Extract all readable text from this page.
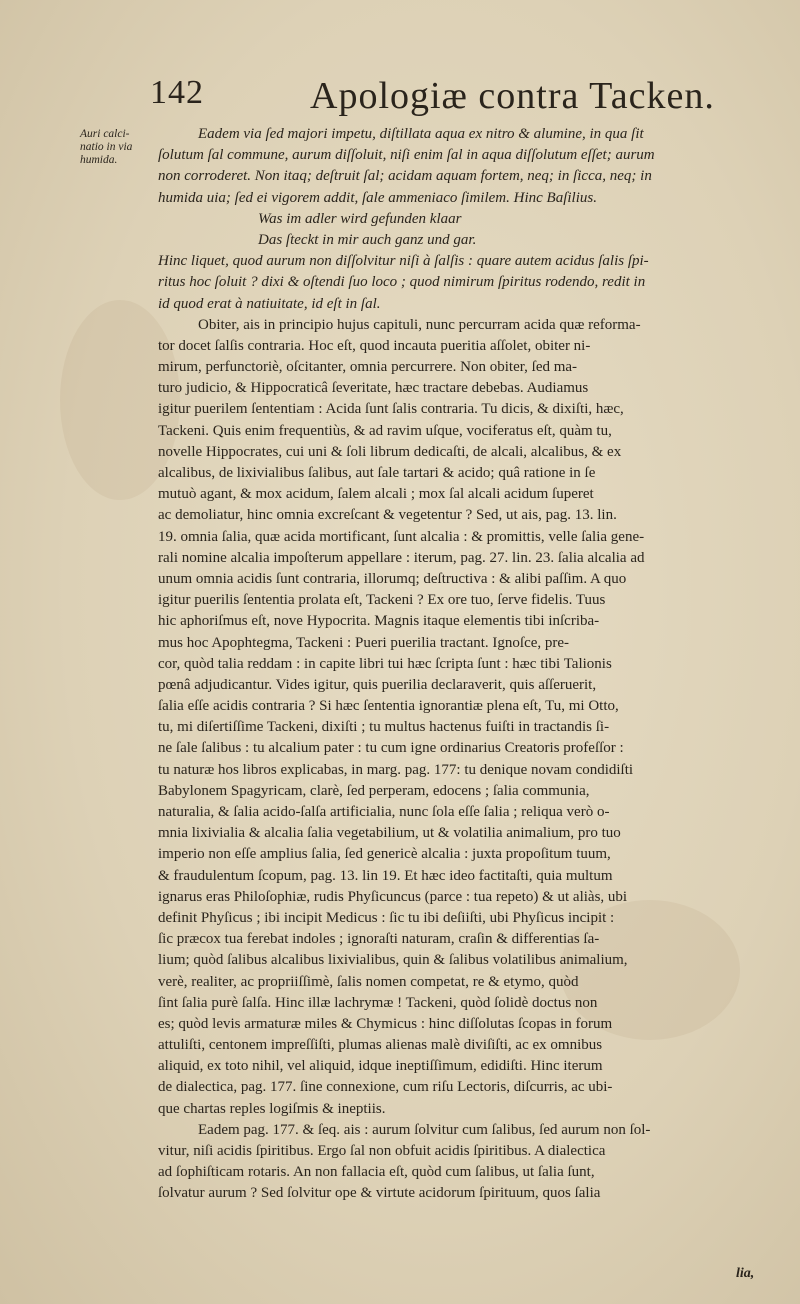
142	Apologiæ contra Tacken.
Auri calci-
natio in via
humida.
Eadem via ſed majori impetu, diſtillata aqua ex nitro & alumine, in qua ſit
ſolutum ſal commune, aurum diſſoluit, niſi enim ſal in aqua diſſolutum eſſet; aurum
non corroderet. Non itaq; deſtruit ſal; acidam aquam fortem, neq; in ſicca, neq; in
humida uia; ſed ei vigorem addit, ſale ammeniaco ſimilem. Hinc Baſilius.
Was im adler wird gefunden klaar
Das ſteckt in mir auch ganz und gar.
Hinc liquet, quod aurum non diſſolvitur niſi à ſalſis : quare autem acidus ſalis ſpi-
ritus hoc ſoluit ? dixi & oſtendi ſuo loco ; quod nimirum ſpiritus rodendo, redit in
id quod erat à natiuitate, id eſt in ſal.
Obiter, ais in principio hujus capituli, nunc percurram acida quæ reforma-
tor docet ſalſis contraria. Hoc eſt, quod incauta pueritia aſſolet, obiter ni-
mirum, perfunctoriè, oſcitanter, omnia percurrere. Non obiter, ſed ma-
turo judicio, & Hippocraticâ ſeveritate, hæc tractare debebas. Audiamus
igitur puerilem ſententiam : Acida ſunt ſalis contraria. Tu dicis, & dixiſti, hæc,
Tackeni. Quis enim frequentiùs, & ad ravim uſque, vociferatus eſt, quàm tu,
novelle Hippocrates, cui uni & ſoli librum dedicaſti, de alcali, alcalibus, & ex
alcalibus, de lixivialibus ſalibus, aut ſale tartari & acido; quâ ratione in ſe
mutuò agant, & mox acidum, ſalem alcali ; mox ſal alcali acidum ſuperet
ac demoliatur, hinc omnia excreſcant & vegetentur ? Sed, ut ais, pag. 13. lin.
19. omnia ſalia, quæ acida mortificant, ſunt alcalia : & promittis, velle ſalia gene-
rali nomine alcalia impoſterum appellare : iterum, pag. 27. lin. 23. ſalia alcalia ad
unum omnia acidis ſunt contraria, illorumq; deſtructiva : & alibi paſſim. A quo
igitur puerilis ſententia prolata eſt, Tackeni ? Ex ore tuo, ſerve fidelis. Tuus
hic aphoriſmus eſt, nove Hypocrita. Magnis itaque elementis tibi inſcriba-
mus hoc Apophtegma, Tackeni : Pueri puerilia tractant. Ignoſce, pre-
cor, quòd talia reddam : in capite libri tui hæc ſcripta ſunt : hæc tibi Talionis
pœnâ adjudicantur. Vides igitur, quis puerilia declaraverit, quis aſſeruerit,
ſalia eſſe acidis contraria ? Si hæc ſententia ignorantiæ plena eſt, Tu, mi Otto,
tu, mi diſertiſſime Tackeni, dixiſti ; tu multus hactenus fuiſti in tractandis ſi-
ne ſale ſalibus : tu alcalium pater : tu cum igne ordinarius Creatoris profeſſor :
tu naturæ hos libros explicabas, in marg. pag. 177: tu denique novam condidiſti
Babylonem Spagyricam, clarè, ſed perperam, edocens ; ſalia communia,
naturalia, & ſalia acido-ſalſa artificialia, nunc ſola eſſe ſalia ; reliqua verò o-
mnia lixivialia & alcalia ſalia vegetabilium, ut & volatilia animalium, pro tuo
imperio non eſſe amplius ſalia, ſed genericè alcalia : juxta propoſitum tuum,
& fraudulentum ſcopum, pag. 13. lin 19. Et hæc ideo factitaſti, quia multum
ignarus eras Philoſophiæ, rudis Phyſicuncus (parce : tua repeto) & ut aliàs, ubi
definit Phyſicus ; ibi incipit Medicus : ſic tu ibi deſiiſti, ubi Phyſicus incipit :
ſic præcox tua ferebat indoles ; ignoraſti naturam, craſin & differentias ſa-
lium; quòd ſalibus alcalibus lixivialibus, quin & ſalibus volatilibus animalium,
verè, realiter, ac propriiſſimè, ſalis nomen competat, re & etymo, quòd
ſint ſalia purè ſalſa. Hinc illæ lachrymæ ! Tackeni, quòd ſolidè doctus non
es; quòd levis armaturæ miles & Chymicus : hinc diſſolutas ſcopas in forum
attuliſti, centonem impreſſiſti, plumas alienas malè diviſiſti, ac ex omnibus
aliquid, ex toto nihil, vel aliquid, idque ineptiſſimum, edidiſti. Hinc iterum
de dialectica, pag. 177. ſine connexione, cum riſu Lectoris, diſcurris, ac ubi-
que chartas reples logiſmis & ineptiis.
Eadem pag. 177. & ſeq. ais : aurum ſolvitur cum ſalibus, ſed aurum non ſol-
vitur, niſi acidis ſpiritibus. Ergo ſal non obfuit acidis ſpiritibus. A dialectica
ad ſophiſticam rotaris. An non fallacia eſt, quòd cum ſalibus, ut ſalia ſunt,
ſolvatur aurum ? Sed ſolvitur ope & virtute acidorum ſpirituum, quos ſalia
lia,
